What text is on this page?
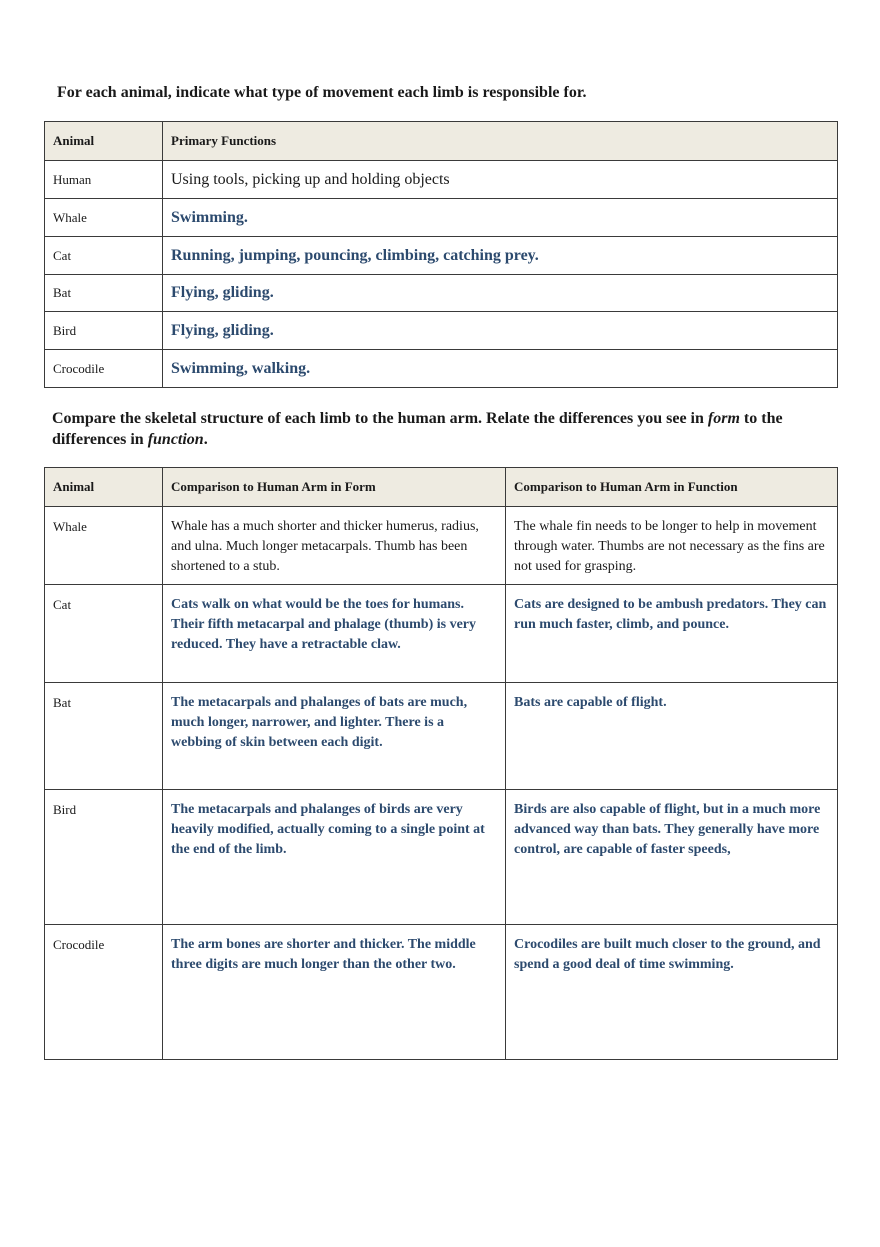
For each animal, indicate what type of movement each limb is responsible for.
Animal	Primary Functions

Human	Using tools, picking up and holding objects

Whale	Swimming.

Cat	Running, jumping, pouncing, climbing, catching prey.

Bat	Flying, gliding.

Bird	Flying, gliding.

Crocodile	Swimming, walking.
Compare the skeletal structure of each limb to the human arm. Relate the differences you see in form to the differences in function.
Animal	Comparison to Human Arm in Form	Comparison to Human Arm in Function

Whale	Whale has a much shorter and thicker humerus, radius, and ulna. Much longer metacarpals. Thumb has been shortened to a stub.	The whale fin needs to be longer to help in movement through water. Thumbs are not necessary as the fins are not used for grasping.

Cat	Cats walk on what would be the toes for humans. Their fifth metacarpal and phalage (thumb) is very reduced. They have a retractable claw.	Cats are designed to be ambush predators. They can run much faster, climb, and pounce.

Bat	The metacarpals and phalanges of bats are much, much longer, narrower, and lighter. There is a webbing of skin between each digit.	Bats are capable of flight.

Bird	The metacarpals and phalanges of birds are very heavily modified, actually coming to a single point at the end of the limb.	Birds are also capable of flight, but in a much more advanced way than bats. They generally have more control, are capable of faster speeds,

Crocodile	The arm bones are shorter and thicker. The middle three digits are much longer than the other two.	Crocodiles are built much closer to the ground, and spend a good deal of time swimming.
